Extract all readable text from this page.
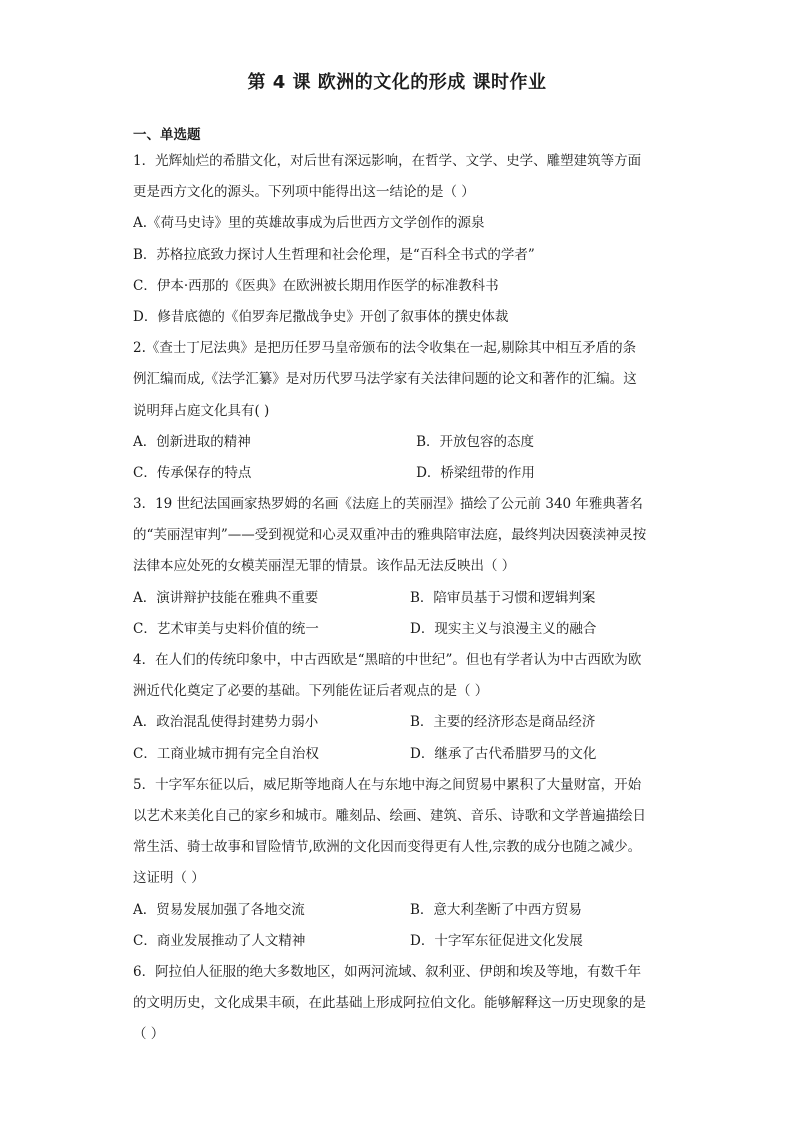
第 4 课 欧洲的文化的形成 课时作业
一、单选题
1．光辉灿烂的希腊文化，对后世有深远影响，在哲学、文学、史学、雕塑建筑等方面
更是西方文化的源头。下列项中能得出这一结论的是（ ）
A.《荷马史诗》里的英雄故事成为后世西方文学创作的源泉
B．苏格拉底致力探讨人生哲理和社会伦理，是“百科全书式的学者”
C．伊本·西那的《医典》在欧洲被长期用作医学的标准教科书
D．修昔底德的《伯罗奔尼撒战争史》开创了叙事体的撰史体裁
2.《查士丁尼法典》是把历任罗马皇帝颁布的法令收集在一起,剔除其中相互矛盾的条
例汇编而成,《法学汇纂》是对历代罗马法学家有关法律问题的论文和著作的汇编。这
说明拜占庭文化具有( )
A．创新进取的精神	B．开放包容的态度
C．传承保存的特点	D．桥梁纽带的作用
3．19 世纪法国画家热罗姆的名画《法庭上的芙丽涅》描绘了公元前 340 年雅典著名
的“芙丽涅审判”——受到视觉和心灵双重冲击的雅典陪审法庭，最终判决因亵渎神灵按
法律本应处死的女模芙丽涅无罪的情景。该作品无法反映出（ ）
A．演讲辩护技能在雅典不重要	B．陪审员基于习惯和逻辑判案
C．艺术审美与史料价值的统一	D．现实主义与浪漫主义的融合
4．在人们的传统印象中，中古西欧是“黑暗的中世纪”。但也有学者认为中古西欧为欧
洲近代化奠定了必要的基础。下列能佐证后者观点的是（ ）
A．政治混乱使得封建势力弱小	B．主要的经济形态是商品经济
C．工商业城市拥有完全自治权	D．继承了古代希腊罗马的文化
5．十字军东征以后，威尼斯等地商人在与东地中海之间贸易中累积了大量财富，开始
以艺术来美化自己的家乡和城市。雕刻品、绘画、建筑、音乐、诗歌和文学普遍描绘日
常生活、骑士故事和冒险情节,欧洲的文化因而变得更有人性,宗教的成分也随之减少。
这证明（ ）
A．贸易发展加强了各地交流	B．意大利垄断了中西方贸易
C．商业发展推动了人文精神	D．十字军东征促进文化发展
6．阿拉伯人征服的绝大多数地区，如两河流域、叙利亚、伊朗和埃及等地，有数千年
的文明历史，文化成果丰硕，在此基础上形成阿拉伯文化。能够解释这一历史现象的是
（ ）
